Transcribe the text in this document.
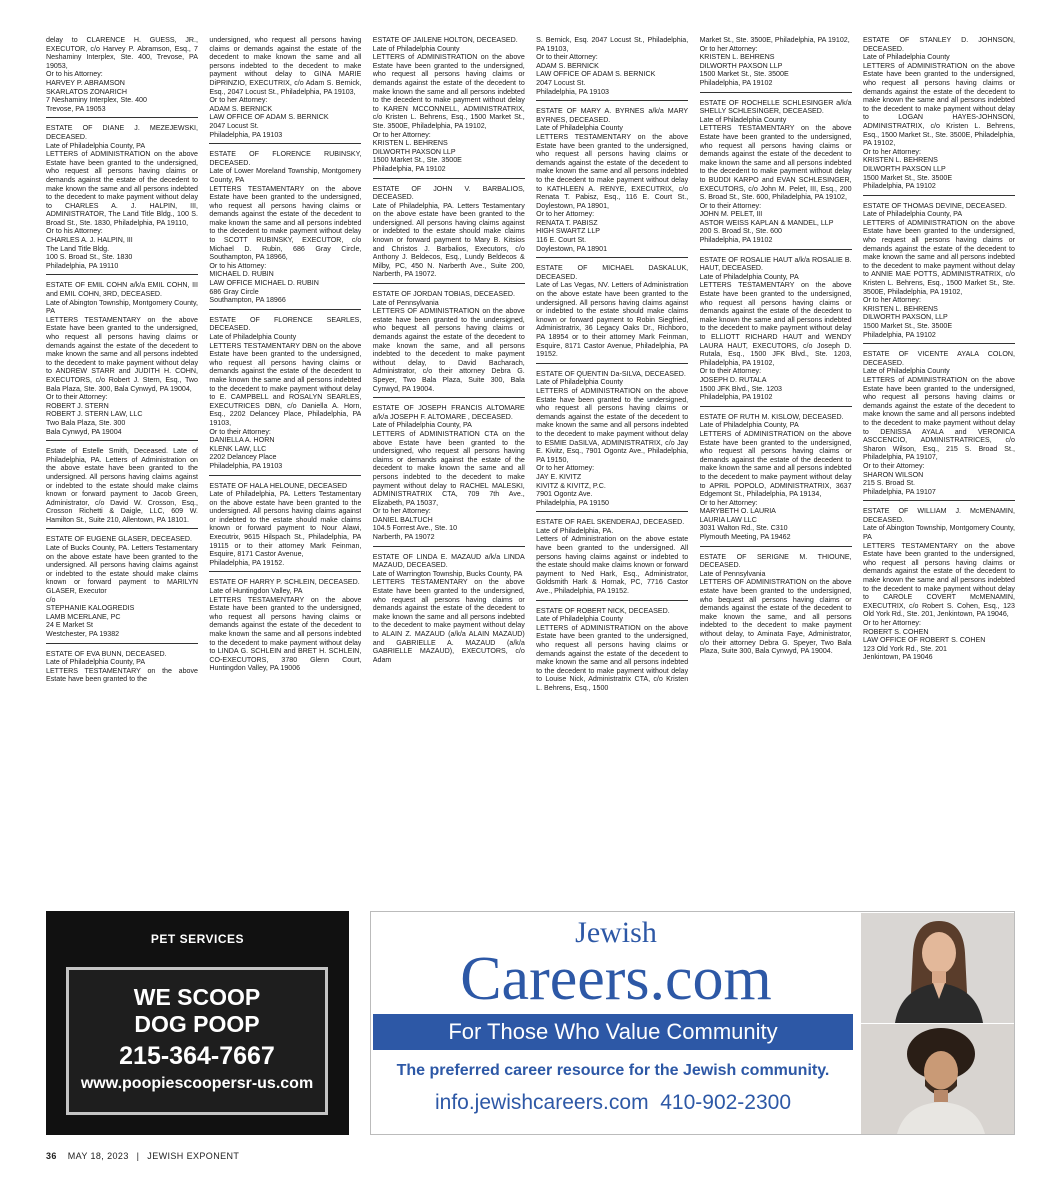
delay to CLARENCE H. GUESS, JR., EXECUTOR, c/o Harvey P. Abramson, Esq., 7 Neshaminy Interplex, Ste. 400, Trevose, PA 19053,
Or to his Attorney:
HARVEY P. ABRAMSON
SKARLATOS ZONARICH
7 Neshaminy Interplex, Ste. 400
Trevose, PA 19053
ESTATE OF DIANE J. MEZEJEWSKI, DECEASED.
Late of Philadelphia County, PA
LETTERS of ADMINISTRATION on the above Estate have been granted to the undersigned, who request all persons having claims or demands against the estate of the decedent to make known the same and all persons indebted to the decedent to make payment without delay to CHARLES A. J. HALPIN, III, ADMINISTRATOR, The Land Title Bldg., 100 S. Broad St., Ste. 1830, Philadelphia, PA 19110,
Or to his Attorney:
CHARLES A. J. HALPIN, III
The Land Title Bldg.
100 S. Broad St., Ste. 1830
Philadelphia, PA 19110
ESTATE OF EMIL COHN a/k/a EMIL COHN, III and EMIL COHN, 3RD, DECEASED.
Late of Abington Township, Montgomery County, PA
LETTERS TESTAMENTARY on the above Estate have been granted to the undersigned, who request all persons having claims or demands against the estate of the decedent to make known the same and all persons indebted to the decedent to make payment without delay to ANDREW STARR and JUDITH H. COHN, EXECUTORS, c/o Robert J. Stern, Esq., Two Bala Plaza, Ste. 300, Bala Cynwyd, PA 19004,
Or to their Attorney:
ROBERT J. STERN
ROBERT J. STERN LAW, LLC
Two Bala Plaza, Ste. 300
Bala Cynwyd, PA 19004
Estate of Estelle Smith, Deceased. Late of Philadelphia, PA. Letters of Administration on the above estate have been granted to the undersigned. All persons having claims against or indebted to the estate should make claims known or forward payment to Jacob Green, Administrator, c/o David W. Crosson, Esq., Crosson Richetti & Daigle, LLC, 609 W. Hamilton St., Suite 210, Allentown, PA 18101.
ESTATE OF EUGENE GLASER, DECEASED.
Late of Bucks County, PA. Letters Testamentary on the above estate have been granted to the undersigned. All persons having claims against or indebted to the estate should make claims known or forward payment to MARILYN GLASER, Executor
c/o
STEPHANIE KALOGREDIS
LAMB MCERLANE, PC
24 E Market St
Westchester, PA 19382
ESTATE OF EVA BUNN, DECEASED.
Late of Philadelphia County, PA
LETTERS TESTAMENTARY on the above Estate have been granted to the
undersigned, who request all persons having claims or demands against the estate of the decedent to make known the same and all persons indebted to the decedent to make payment without delay to GINA MARIE DiPRINZIO, EXECUTRIX, c/o Adam S. Bernick, Esq., 2047 Locust St., Philadelphia, PA 19103,
Or to her Attorney:
ADAM S. BERNICK
LAW OFFICE OF ADAM S. BERNICK
2047 Locust St.
Philadelphia, PA 19103
ESTATE OF FLORENCE RUBINSKY, DECEASED.
Late of Lower Moreland Township, Montgomery County, PA
LETTERS TESTAMENTARY on the above Estate have been granted to the undersigned, who request all persons having claims or demands against the estate of the decedent to make known the same and all persons indebted to the decedent to make payment without delay to SCOTT RUBINSKY, EXECUTOR, c/o Michael D. Rubin, 686 Gray Circle, Southampton, PA 18966,
Or to his Attorney:
MICHAEL D. RUBIN
LAW OFFICE MICHAEL D. RUBIN
686 Gray Circle
Southampton, PA 18966
ESTATE OF FLORENCE SEARLES, DECEASED.
Late of Philadelphia County
LETTERS TESTAMENTARY DBN on the above Estate have been granted to the undersigned, who request all persons having claims or demands against the estate of the decedent to make known the same and all persons indebted to the decedent to make payment without delay to E. CAMPBELL and ROSALYN SEARLES, EXECUTRICES DBN, c/o Daniella A. Horn, Esq., 2202 Delancey Place, Philadelphia, PA 19103,
Or to their Attorney:
DANIELLA A. HORN
KLENK LAW, LLC
2202 Delancey Place
Philadelphia, PA 19103
ESTATE OF HALA HELOUNE, DECEASED
Late of Philadelphia, PA. Letters Testamentary on the above estate have been granted to the undersigned. All persons having claims against or indebted to the estate should make claims known or forward payment to Nour Alawi, Executrix, 9615 Hilspach St., Philadelphia, PA 19115 or to their attorney Mark Feinman, Esquire, 8171 Castor Avenue,
Philadelphia, PA 19152.
ESTATE OF HARRY P. SCHLEIN, DECEASED.
Late of Huntingdon Valley, PA
LETTERS TESTAMENTARY on the above Estate have been granted to the undersigned, who request all persons having claims or demands against the estate of the decedent to make known the same and all persons indebted to the decedent to make payment without delay to LINDA G. SCHLEIN and BRET H. SCHLEIN, CO-EXECUTORS, 3780 Glenn Court, Huntingdon Valley, PA 19006
ESTATE OF JAILENE HOLTON, DECEASED.
Late of Philadelphia County
LETTERS of ADMINISTRATION on the above Estate have been granted to the undersigned, who request all persons having claims or demands against the estate of the decedent to make known the same and all persons indebted to the decedent to make payment without delay to KAREN MCCONNELL, ADMINISTRATRIX, c/o Kristen L. Behrens, Esq., 1500 Market St., Ste. 3500E, Philadelphia, PA 19102,
Or to her Attorney:
KRISTEN L. BEHRENS
DILWORTH PAXSON LLP
1500 Market St., Ste. 3500E
Philadelphia, PA 19102
ESTATE OF JOHN V. BARBALIOS, DECEASED.
Late of Philadelphia, PA. Letters Testamentary on the above estate have been granted to the undersigned. All persons having claims against or indebted to the estate should make claims known or forward payment to Mary B. Kitsios and Christos J. Barbalios, Executors, c/o Anthony J. Beldecos, Esq., Lundy Beldecos & Milby, PC, 450 N. Narberth Ave., Suite 200, Narberth, PA 19072.
ESTATE OF JORDAN TOBIAS, DECEASED.
Late of Pennsylvania
LETTERS OF ADMINISTRATION on the above estate have been granted to the undersigned, who bequest all persons having claims or demands against the estate of the decedent to make known the same, and all persons indebted to the decedent to make payment without delay, to David Bacharach, Administrator, c/o their attorney Debra G. Speyer, Two Bala Plaza, Suite 300, Bala Cynwyd, PA 19004.
ESTATE OF JOSEPH FRANCIS ALTOMARE a/k/a JOSEPH F. ALTOMARE , DECEASED.
Late of Philadelphia County, PA
LETTERS of ADMINISTRATION CTA on the above Estate have been granted to the undersigned, who request all persons having claims or demands against the estate of the decedent to make known the same and all persons indebted to the decedent to make payment without delay to RACHEL MALESKI, ADMINISTRATRIX CTA, 709 7th Ave., Elizabeth, PA 15037,
Or to her Attorney:
DANIEL BALTUCH
104.5 Forrest Ave., Ste. 10
Narberth, PA 19072
ESTATE OF LINDA E. MAZAUD a/k/a LINDA MAZAUD, DECEASED.
Late of Warrington Township, Bucks County, PA
LETTERS TESTAMENTARY on the above Estate have been granted to the undersigned, who request all persons having claims or demands against the estate of the decedent to make known the same and all persons indebted to the decedent to make payment without delay to ALAIN Z. MAZAUD (a/k/a ALAIN MAZAUD) and GABRIELLE A. MAZAUD (a/k/a GABRIELLE MAZAUD), EXECUTORS, c/o Adam
S. Bernick, Esq. 2047 Locust St., Philadelphia, PA 19103,
Or to their Attorney:
ADAM S. BERNICK
LAW OFFICE OF ADAM S. BERNICK
2047 Locust St.
Philadelphia, PA 19103
ESTATE OF MARY A. BYRNES a/k/a MARY BYRNES, DECEASED.
Late of Philadelphia County
LETTERS TESTAMENTARY on the above Estate have been granted to the undersigned, who request all persons having claims or demands against the estate of the decedent to make known the same and all persons indebted to the decedent to make payment without delay to KATHLEEN A. RENYE, EXECUTRIX, c/o Renata T. Pabisz, Esq., 116 E. Court St., Doylestown, PA 18901,
Or to her Attorney:
RENATA T. PABISZ
HIGH SWARTZ LLP
116 E. Court St.
Doylestown, PA 18901
ESTATE OF MICHAEL DASKALUK, DECEASED.
Late of Las Vegas, NV. Letters of Administration on the above estate have been granted to the undersigned. All persons having claims against or indebted to the estate should make claims known or forward payment to Robin Siegfried, Administratrix, 36 Legacy Oaks Dr., Richboro, PA 18954 or to their attorney Mark Feinman, Esquire, 8171 Castor Avenue, Philadelphia, PA 19152.
ESTATE OF QUENTIN Da-SILVA, DECEASED.
Late of Philadelphia County
LETTERS of ADMINISTRATION on the above Estate have been granted to the undersigned, who request all persons having claims or demands against the estate of the decedent to make known the same and all persons indebted to the decedent to make payment without delay to ESMIE DaSILVA, ADMINISTRATRIX, c/o Jay E. Kivitz, Esq., 7901 Ogontz Ave., Philadelphia, PA 19150,
Or to her Attorney:
JAY E. KIVITZ
KIVITZ & KIVITZ, P.C.
7901 Ogontz Ave.
Philadelphia, PA 19150
ESTATE OF RAEL SKENDERAJ, DECEASED.
Late of Philadelphia, PA.
Letters of Administration on the above estate have been granted to the undersigned. All persons having claims against or indebted to the estate should make claims known or forward payment to Ned Hark, Esq., Administrator, Goldsmith Hark & Hornak, PC, 7716 Castor Ave., Philadelphia, PA 19152.
ESTATE OF ROBERT NICK, DECEASED.
Late of Philadelphia County
LETTERS of ADMINISTRATION on the above Estate have been granted to the undersigned, who request all persons having claims or demands against the estate of the decedent to make known the same and all persons indebted to the decedent to make payment without delay to Louise Nick, Administratrix CTA, c/o Kristen L. Behrens, Esq., 1500
Market St., Ste. 3500E, Philadelphia, PA 19102,
Or to her Attorney:
KRISTEN L. BEHRENS
DILWORTH PAXSON LLP
1500 Market St., Ste. 3500E
Philadelphia, PA 19102
ESTATE OF ROCHELLE SCHLESINGER a/k/a SHELLY SCHLESINGER, DECEASED.
Late of Philadelphia County
LETTERS TESTAMENTARY on the above Estate have been granted to the undersigned, who request all persons having claims or demands against the estate of the decedent to make known the same and all persons indebted to the decedent to make payment without delay to BUDDI KARPO and EVAN SCHLESINGER, EXECUTORS, c/o John M. Pelet, III, Esq., 200 S. Broad St., Ste. 600, Philadelphia, PA 19102,
Or to their Attorney:
JOHN M. PELET, III
ASTOR WEISS KAPLAN & MANDEL, LLP
200 S. Broad St., Ste. 600
Philadelphia, PA 19102
ESTATE OF ROSALIE HAUT a/k/a ROSALIE B. HAUT, DECEASED.
Late of Philadelphia County, PA
LETTERS TESTAMENTARY on the above Estate have been granted to the undersigned, who request all persons having claims or demands against the estate of the decedent to make known the same and all persons indebted to the decedent to make payment without delay to ELLIOTT RICHARD HAUT and WENDY LAURA HAUT, EXECUTORS, c/o Joseph D. Rutala, Esq., 1500 JFK Blvd., Ste. 1203, Philadelphia, PA 19102,
Or to their Attorney:
JOSEPH D. RUTALA
1500 JFK Blvd., Ste. 1203
Philadelphia, PA 19102
ESTATE OF RUTH M. KISLOW, DECEASED.
Late of Philadelphia County, PA
LETTERS of ADMINISTRATION on the above Estate have been granted to the undersigned, who request all persons having claims or demands against the estate of the decedent to make known the same and all persons indebted to the decedent to make payment without delay to APRIL POPOLO, ADMINISTRATRIX, 3637 Edgemont St., Philadelphia, PA 19134,
Or to her Attorney:
MARYBETH O. LAURIA
LAURIA LAW LLC
3031 Walton Rd., Ste. C310
Plymouth Meeting, PA 19462
ESTATE OF SERIGNE M. THIOUNE, DECEASED.
Late of Pennsylvania
LETTERS OF ADMINISTRATION on the above estate have been granted to the undersigned, who bequest all persons having claims or demands against the estate of the decedent to make known the same, and all persons indebted to the decedent to make payment without delay, to Aminata Faye, Administrator, c/o their attorney Debra G. Speyer, Two Bala Plaza, Suite 300, Bala Cynwyd, PA 19004.
ESTATE OF STANLEY D. JOHNSON, DECEASED.
Late of Philadelphia County
LETTERS of ADMINISTRATION on the above Estate have been granted to the undersigned, who request all persons having claims or demands against the estate of the decedent to make known the same and all persons indebted to the decedent to make payment without delay to LOGAN HAYES-JOHNSON, ADMINISTRATRIX, c/o Kristen L. Behrens, Esq., 1500 Market St., Ste. 3500E, Philadelphia, PA 19102,
Or to her Attorney:
KRISTEN L. BEHRENS
DILWORTH PAXSON LLP
1500 Market St., Ste. 3500E
Philadelphia, PA 19102
ESTATE OF THOMAS DEVINE, DECEASED.
Late of Philadelphia County, PA
LETTERS of ADMINISTRATION on the above Estate have been granted to the undersigned, who request all persons having claims or demands against the estate of the decedent to make known the same and all persons indebted to the decedent to make payment without delay to ANNIE MAE POTTS, ADMINISTRATRIX, c/o Kristen L. Behrens, Esq., 1500 Market St., Ste. 3500E, Philadelphia, PA 19102,
Or to her Attorney:
KRISTEN L. BEHRENS
DILWORTH PAXSON, LLP
1500 Market St., Ste. 3500E
Philadelphia, PA 19102
ESTATE OF VICENTE AYALA COLON, DECEASED.
Late of Philadelphia County
LETTERS of ADMINISTRATION on the above Estate have been granted to the undersigned, who request all persons having claims or demands against the estate of the decedent to make known the same and all persons indebted to the decedent to make payment without delay to DENISSA AYALA and VERONICA ASCCENCIO, ADMINISTRATRICES, c/o Sharon Wilson, Esq., 215 S. Broad St., Philadelphia, PA 19107,
Or to their Attorney:
SHARON WILSON
215 S. Broad St.
Philadelphia, PA 19107
ESTATE OF WILLIAM J. McMENAMIN, DECEASED.
Late of Abington Township, Montgomery County, PA
LETTERS TESTAMENTARY on the above Estate have been granted to the undersigned, who request all persons having claims or demands against the estate of the decedent to make known the same and all persons indebted to the decedent to make payment without delay to CAROLE COVERT McMENAMIN, EXECUTRIX, c/o Robert S. Cohen, Esq., 123 Old York Rd., Ste. 201, Jenkintown, PA 19046,
Or to her Attorney:
ROBERT S. COHEN
LAW OFFICE OF ROBERT S. COHEN
123 Old York Rd., Ste. 201
Jenkintown, PA 19046
PET SERVICES
WE SCOOP
DOG POOP
215-364-7667
www.poopiescoopersr-us.com
Jewish
Careers.com
For Those Who Value Community
The preferred career resource for the Jewish community.
info.jewishcareers.com  410-902-2300
36 MAY 18, 2023 | JEWISH EXPONENT
